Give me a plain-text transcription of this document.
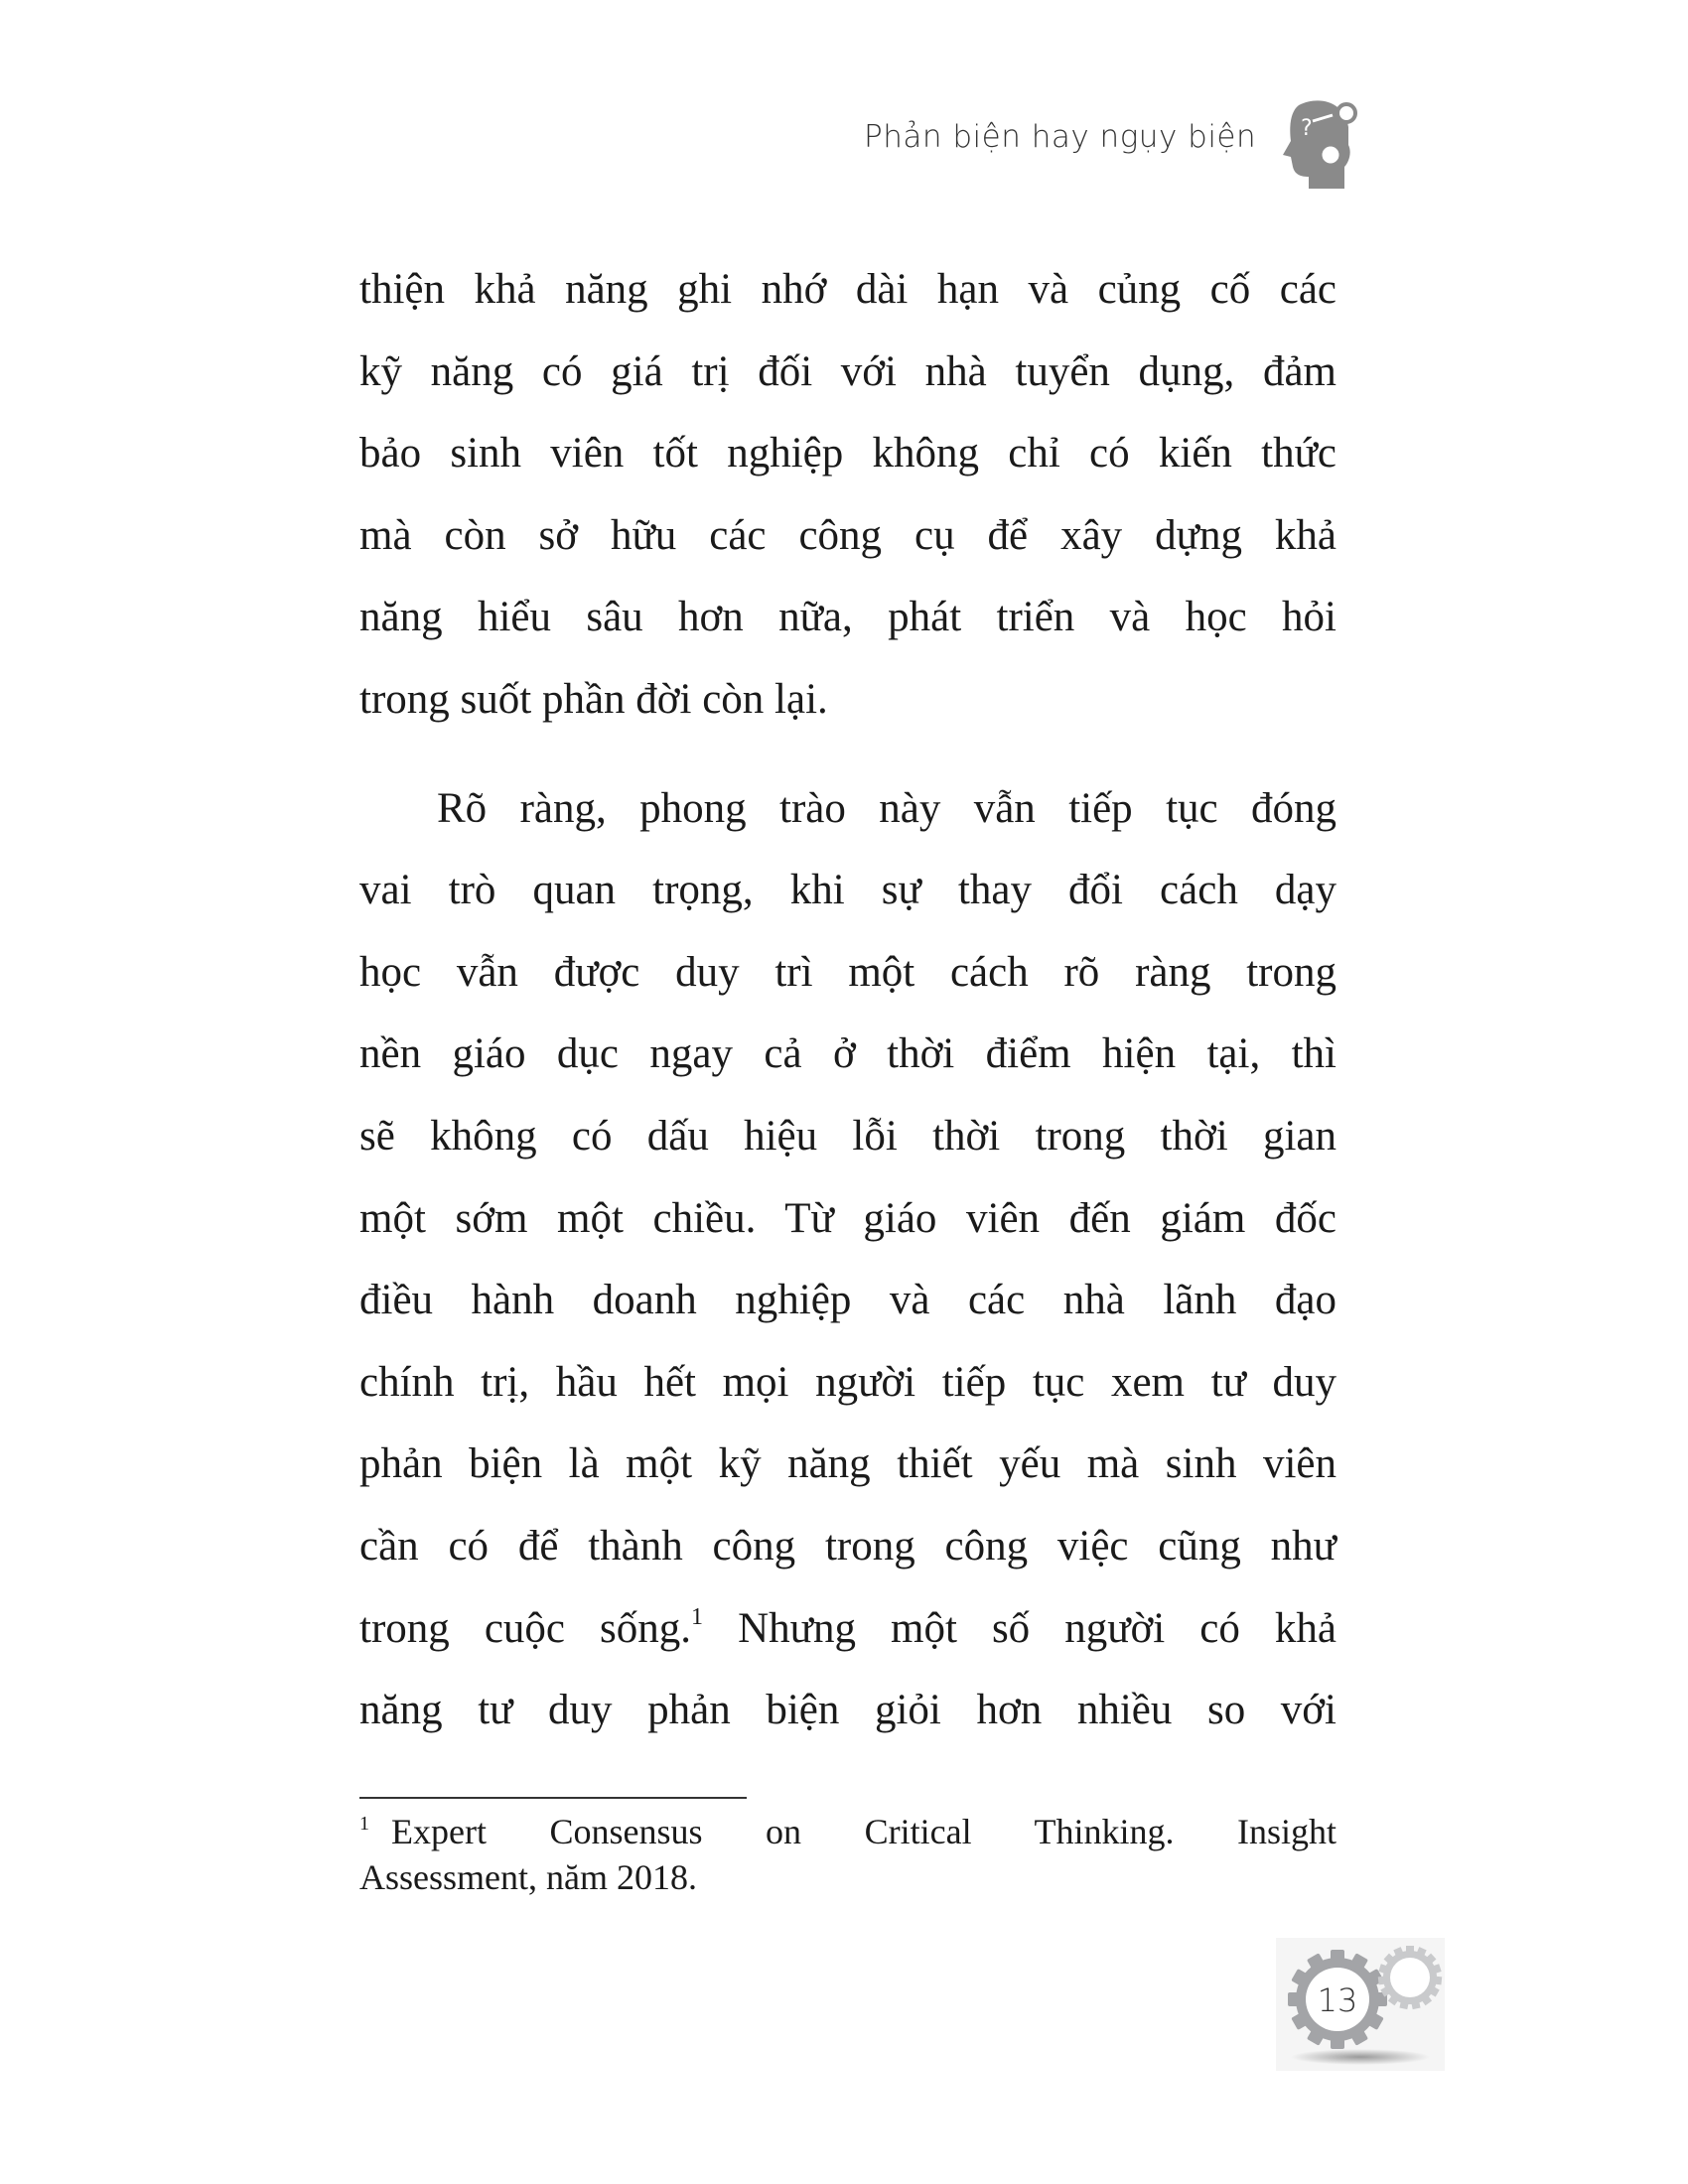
Phản biện hay ngụy biện ?
thiện khả năng ghi nhớ dài hạn và củng cố các
kỹ năng có giá trị đối với nhà tuyển dụng, đảm
bảo sinh viên tốt nghiệp không chỉ có kiến thức
mà còn sở hữu các công cụ để xây dựng khả
năng hiểu sâu hơn nữa, phát triển và học hỏi
trong suốt phần đời còn lại.
Rõ ràng, phong trào này vẫn tiếp tục đóng
vai trò quan trọng, khi sự thay đổi cách dạy
học vẫn được duy trì một cách rõ ràng trong
nền giáo dục ngay cả ở thời điểm hiện tại, thì
sẽ không có dấu hiệu lỗi thời trong thời gian
một sớm một chiều. Từ giáo viên đến giám đốc
điều hành doanh nghiệp và các nhà lãnh đạo
chính trị, hầu hết mọi người tiếp tục xem tư duy
phản biện là một kỹ năng thiết yếu mà sinh viên
cần có để thành công trong công việc cũng như
trong cuộc sống.$^1$ Nhưng một số người có khả
năng tư duy phản biện giỏi hơn nhiều so với
$^1$ Expert Consensus on Critical Thinking. Insight
Assessment, năm 2018.
13
